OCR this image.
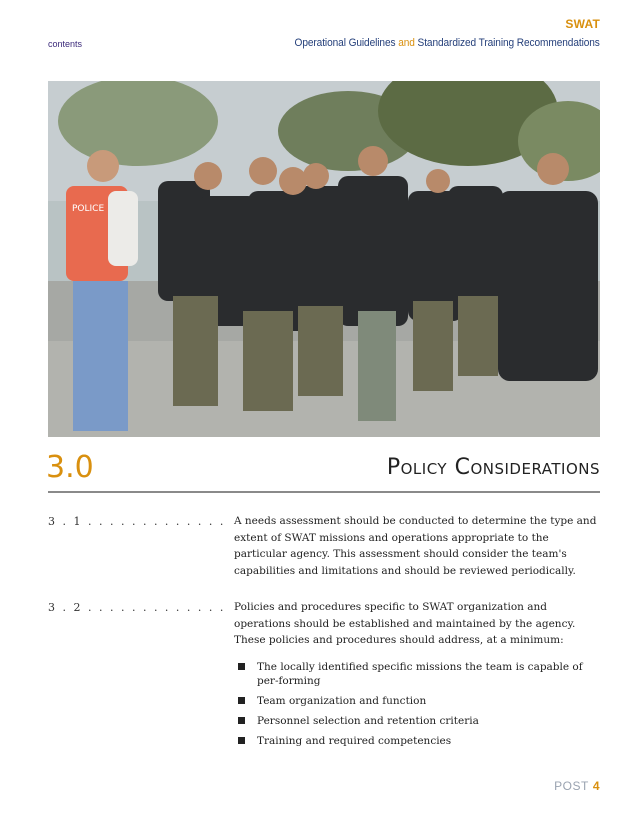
SWAT
contents	Operational Guidelines and Standardized Training Recommendations
POLICE
3.0	Policy Considerations
3 . 1 . . . . . . . . . . . . . A needs assessment should be conducted to determine the type and extent of SWAT missions and operations appropriate to the particular agency. This assessment should consider the team's capabilities and limitations and should be reviewed periodically.

3 . 2 . . . . . . . . . . . . . Policies and procedures specific to SWAT organization and operations should be established and maintained by the agency. These policies and procedures should address, at a minimum:

The locally identified specific missions the team is capable of per-forming
Team organization and function
Personnel selection and retention criteria
Training and required competencies
POST 4
